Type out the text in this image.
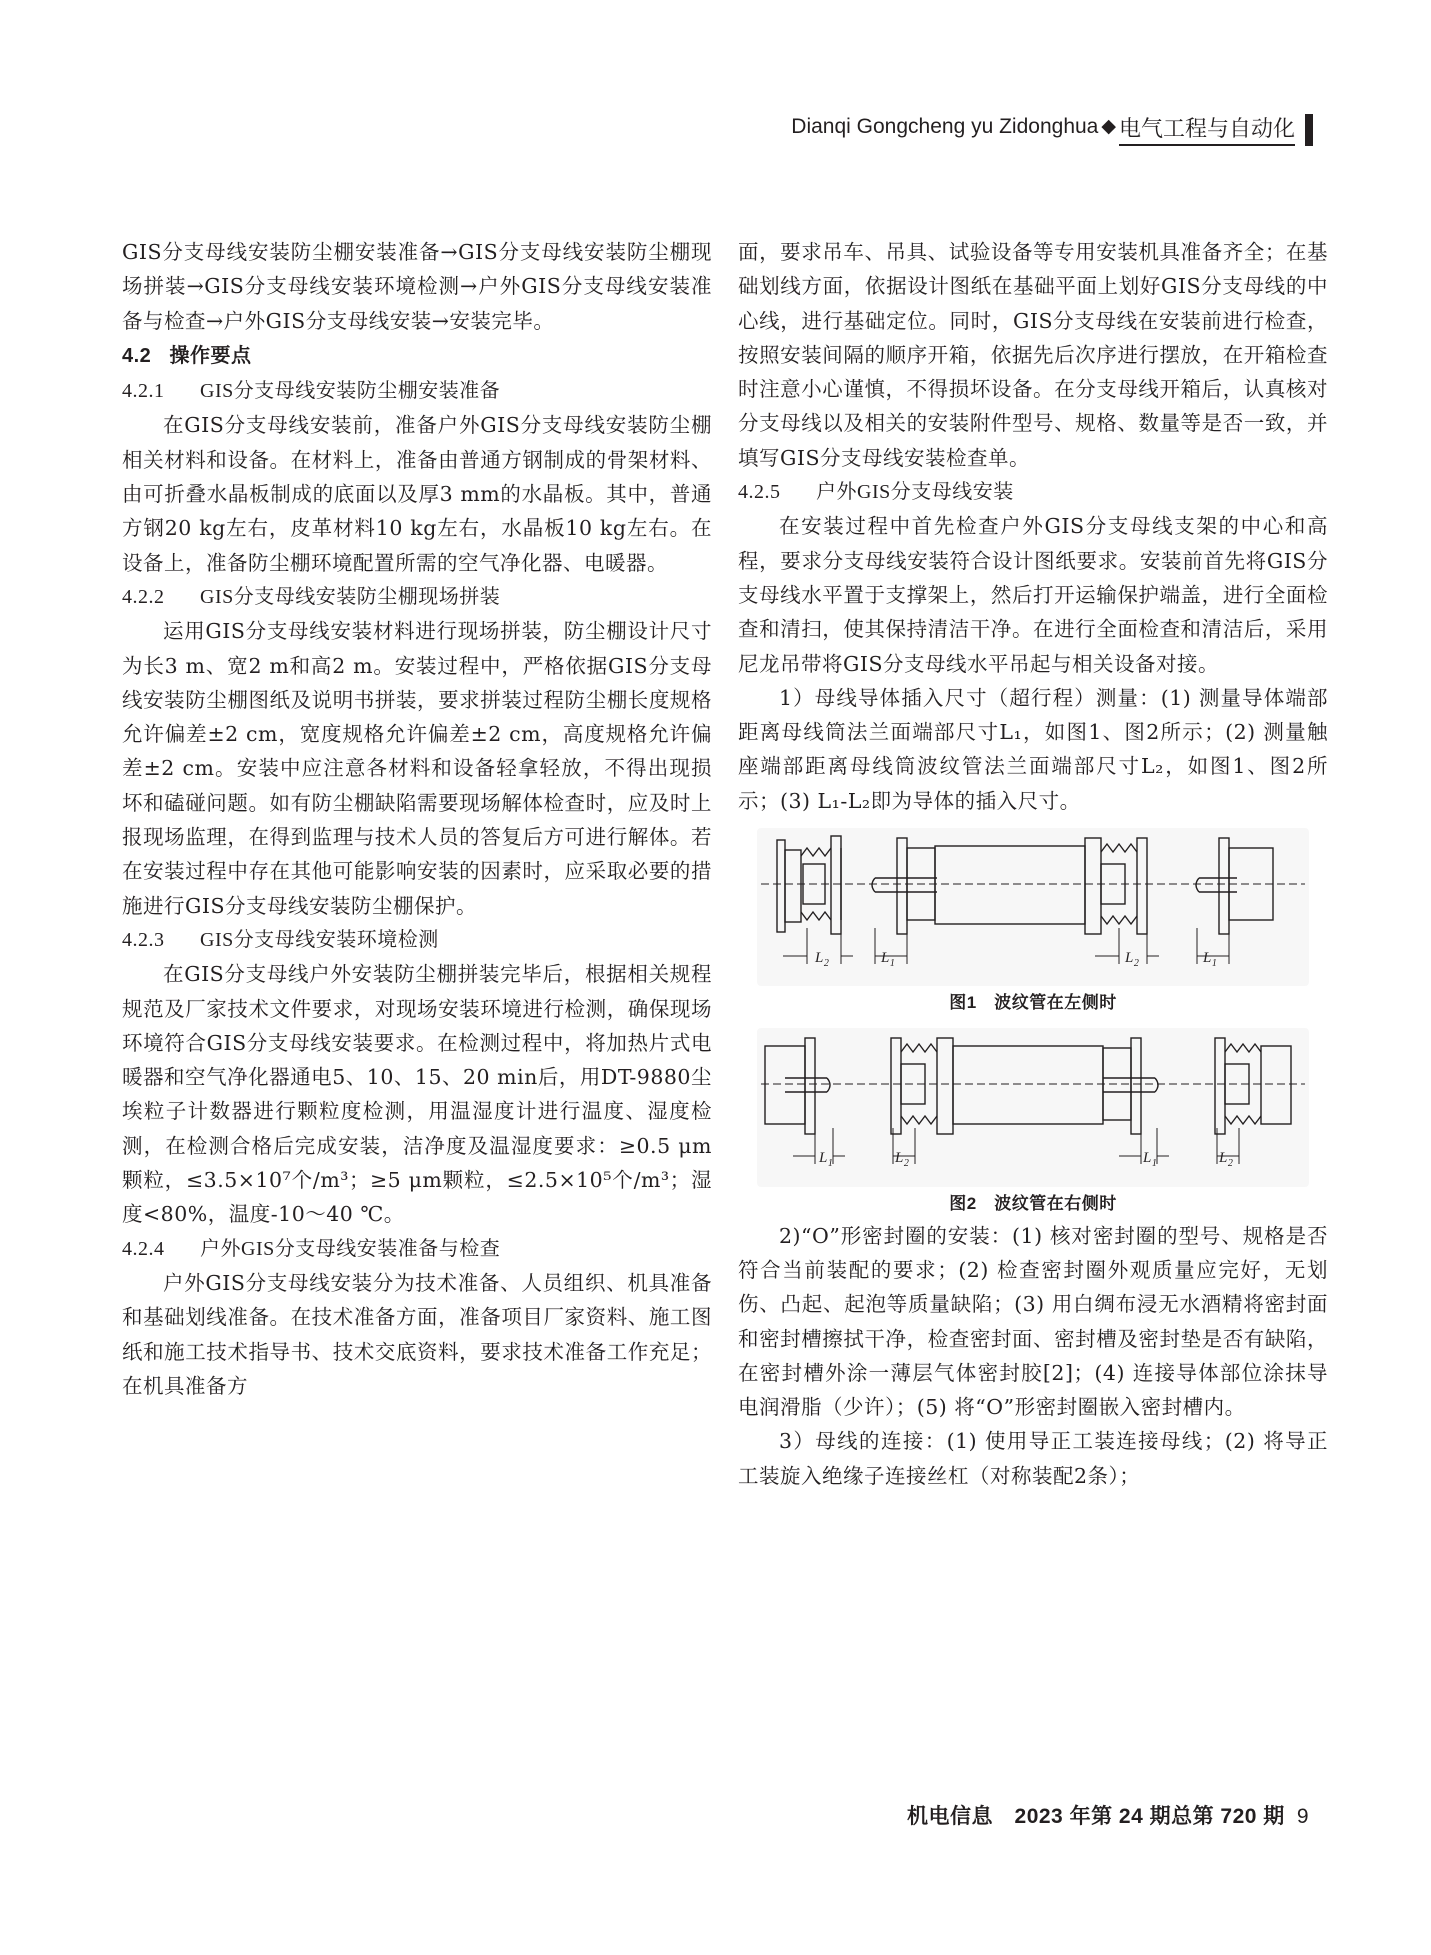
Dianqi Gongcheng yu Zidonghua ◆ 电气工程与自动化

GIS分支母线安装防尘棚安装准备→GIS分支母线安装防尘棚现场拼装→GIS分支母线安装环境检测→户外GIS分支母线安装准备与检查→户外GIS分支母线安装→安装完毕。

4.2 操作要点
4.2.1 GIS分支母线安装防尘棚安装准备

在GIS分支母线安装前，准备户外GIS分支母线安装防尘棚相关材料和设备。在材料上，准备由普通方钢制成的骨架材料、由可折叠水晶板制成的底面以及厚3 mm的水晶板。其中，普通方钢20 kg左右，皮革材料10 kg左右，水晶板10 kg左右。在设备上，准备防尘棚环境配置所需的空气净化器、电暖器。

4.2.2 GIS分支母线安装防尘棚现场拼装

运用GIS分支母线安装材料进行现场拼装，防尘棚设计尺寸为长3 m、宽2 m和高2 m。安装过程中，严格依据GIS分支母线安装防尘棚图纸及说明书拼装，要求拼装过程防尘棚长度规格允许偏差±2 cm，宽度规格允许偏差±2 cm，高度规格允许偏差±2 cm。安装中应注意各材料和设备轻拿轻放，不得出现损坏和磕碰问题。如有防尘棚缺陷需要现场解体检查时，应及时上报现场监理，在得到监理与技术人员的答复后方可进行解体。若在安装过程中存在其他可能影响安装的因素时，应采取必要的措施进行GIS分支母线安装防尘棚保护。

4.2.3 GIS分支母线安装环境检测

在GIS分支母线户外安装防尘棚拼装完毕后，根据相关规程规范及厂家技术文件要求，对现场安装环境进行检测，确保现场环境符合GIS分支母线安装要求。在检测过程中，将加热片式电暖器和空气净化器通电5、10、15、20 min后，用DT-9880尘埃粒子计数器进行颗粒度检测，用温湿度计进行温度、湿度检测，在检测合格后完成安装，洁净度及温湿度要求：≥0.5 μm颗粒，≤3.5×10⁷个/m³；≥5 μm颗粒，≤2.5×10⁵个/m³；湿度<80%，温度-10～40 ℃。

4.2.4 户外GIS分支母线安装准备与检查

户外GIS分支母线安装分为技术准备、人员组织、机具准备和基础划线准备。在技术准备方面，准备项目厂家资料、施工图纸和施工技术指导书、技术交底资料，要求技术准备工作充足；在机具准备方

面，要求吊车、吊具、试验设备等专用安装机具准备齐全；在基础划线方面，依据设计图纸在基础平面上划好GIS分支母线的中心线，进行基础定位。同时，GIS分支母线在安装前进行检查，按照安装间隔的顺序开箱，依据先后次序进行摆放，在开箱检查时注意小心谨慎，不得损坏设备。在分支母线开箱后，认真核对分支母线以及相关的安装附件型号、规格、数量等是否一致，并填写GIS分支母线安装检查单。

4.2.5 户外GIS分支母线安装

在安装过程中首先检查户外GIS分支母线支架的中心和高程，要求分支母线安装符合设计图纸要求。安装前首先将GIS分支母线水平置于支撑架上，然后打开运输保护端盖，进行全面检查和清扫，使其保持清洁干净。在进行全面检查和清洁后，采用尼龙吊带将GIS分支母线水平吊起与相关设备对接。

1）母线导体插入尺寸（超行程）测量：(1) 测量导体端部距离母线筒法兰面端部尺寸L₁，如图1、图2所示；(2) 测量触座端部距离母线筒波纹管法兰面端部尺寸L₂，如图1、图2所示；(3) L₁-L₂即为导体的插入尺寸。

$L_2$	$L_1$	$L_2$	$L_1$
图1　波纹管在左侧时
$L_1$	$L_2$	$L_1$	$L_2$
图2　波纹管在右侧时

2)“O”形密封圈的安装：(1) 核对密封圈的型号、规格是否符合当前装配的要求；(2) 检查密封圈外观质量应完好，无划伤、凸起、起泡等质量缺陷；(3) 用白绸布浸无水酒精将密封面和密封槽擦拭干净，检查密封面、密封槽及密封垫是否有缺陷，在密封槽外涂一薄层气体密封胶[2]；(4) 连接导体部位涂抹导电润滑脂（少许）；(5) 将“O”形密封圈嵌入密封槽内。

3）母线的连接：(1) 使用导正工装连接母线；(2) 将导正工装旋入绝缘子连接丝杠（对称装配2条）；

机电信息　2023 年第 24 期总第 720 期 9
